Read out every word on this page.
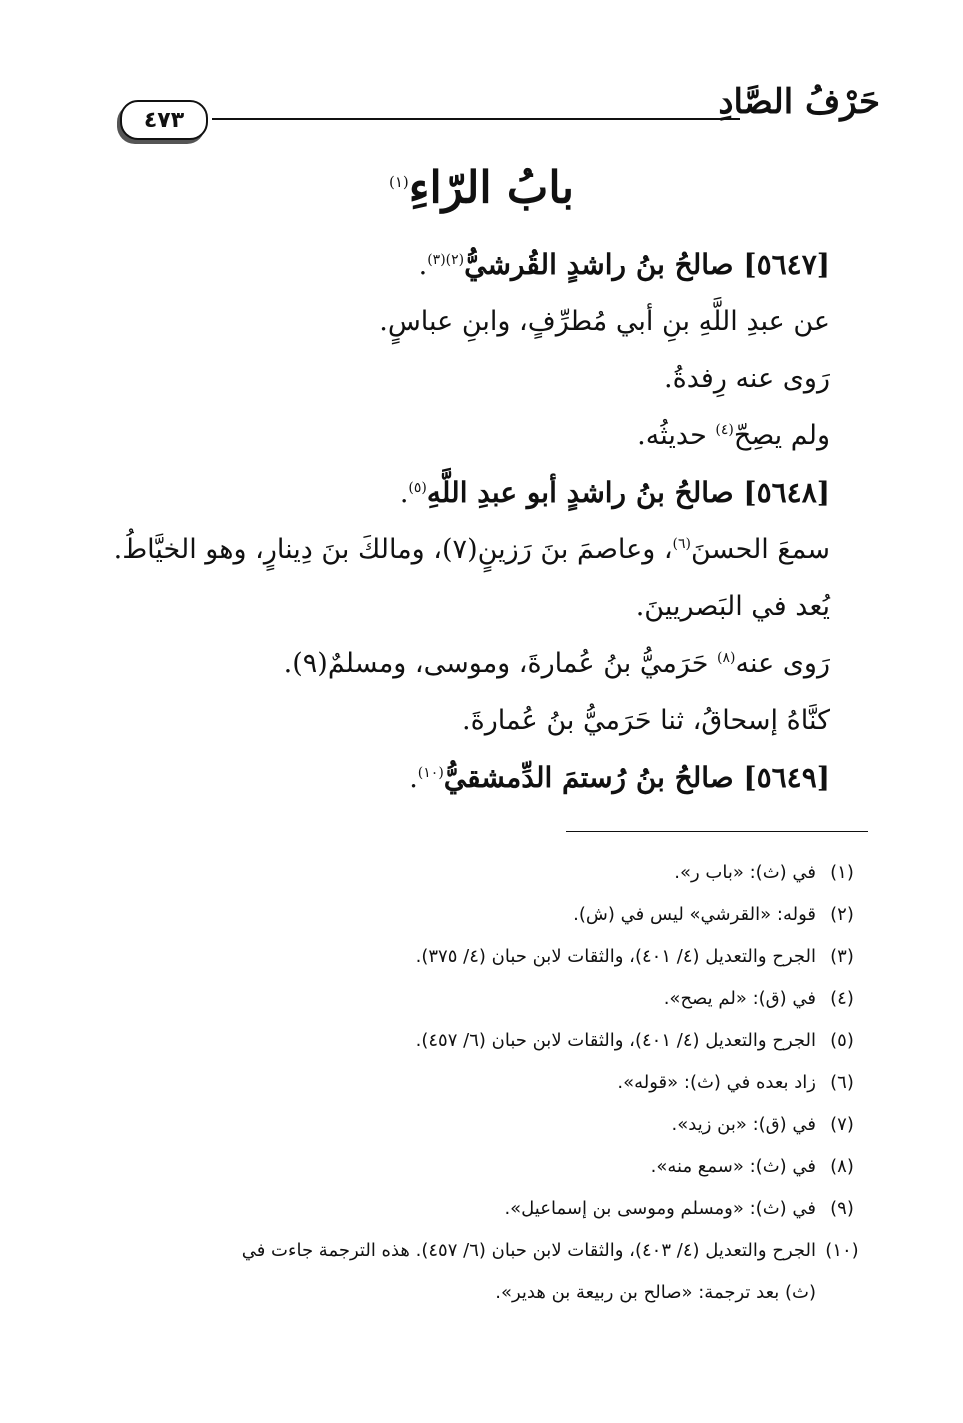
حَرْفُ الصَّادِ
٤٧٣
بابُ الرّاءِ$^{(١)}$
[٥٦٤٧] صالحُ بنُ راشدٍ القُرشيُّ$^{(٢)(٣)}$.
عن عبدِ اللَّهِ بنِ أبي مُطرِّفٍ، وابنِ عباسٍ.
رَوى عنه رِفدةُ.
ولم يصِحّ$^{(٤)}$ حديثُه.
[٥٦٤٨] صالحُ بنُ راشدٍ أبو عبدِ اللَّهِ$^{(٥)}$.
سمعَ الحسنَ$^{(٦)}$، وعاصمَ بنَ رَزينٍ(٧)، ومالكَ بنَ دِينارٍ، وهو الخيَّاطُ.
يُعد في البَصريينَ.
رَوى عنه$^{(٨)}$ حَرَميُّ بنُ عُمارةَ، وموسى، ومسلمٌ(٩).
كنَّاهُ إسحاقُ، ثنا حَرَميُّ بنُ عُمارةَ.
[٥٦٤٩] صالحُ بنُ رُستمَ الدِّمشقيُّ$^{(١٠)}$.
(١)في (ث): «باب ر».
(٢)قوله: «القرشي» ليس في (ش).
(٣)الجرح والتعديل (٤/ ٤٠١)، والثقات لابن حبان (٤/ ٣٧٥).
(٤)في (ق): «لم يصح».
(٥)الجرح والتعديل (٤/ ٤٠١)، والثقات لابن حبان (٦/ ٤٥٧).
(٦)زاد بعده في (ث): «قوله».
(٧)في (ق): «بن زيد».
(٨)في (ث): «سمع منه».
(٩)في (ث): «ومسلم وموسى بن إسماعيل».
(١٠)الجرح والتعديل (٤/ ٤٠٣)، والثقات لابن حبان (٦/ ٤٥٧). هذه الترجمة جاءت في
(ث) بعد ترجمة: «صالح بن ربيعة بن هدير».
